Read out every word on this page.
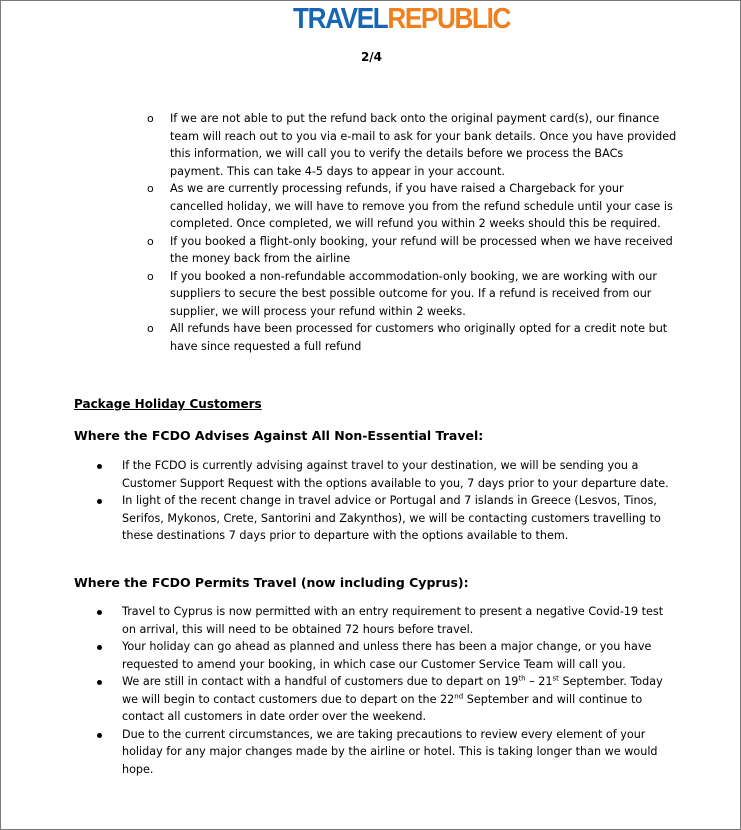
TRAVELREPUBLIC
2/4
o If we are not able to put the refund back onto the original payment card(s), our finance team will reach out to you via e-mail to ask for your bank details. Once you have provided this information, we will call you to verify the details before we process the BACs payment. This can take 4-5 days to appear in your account.
o As we are currently processing refunds, if you have raised a Chargeback for your cancelled holiday, we will have to remove you from the refund schedule until your case is completed. Once completed, we will refund you within 2 weeks should this be required.
o If you booked a flight-only booking, your refund will be processed when we have received the money back from the airline
o If you booked a non-refundable accommodation-only booking, we are working with our suppliers to secure the best possible outcome for you. If a refund is received from our supplier, we will process your refund within 2 weeks.
o All refunds have been processed for customers who originally opted for a credit note but have since requested a full refund
Package Holiday Customers
Where the FCDO Advises Against All Non-Essential Travel:
If the FCDO is currently advising against travel to your destination, we will be sending you a Customer Support Request with the options available to you, 7 days prior to your departure date.
In light of the recent change in travel advice or Portugal and 7 islands in Greece (Lesvos, Tinos, Serifos, Mykonos, Crete, Santorini and Zakynthos), we will be contacting customers travelling to these destinations 7 days prior to departure with the options available to them.
Where the FCDO Permits Travel (now including Cyprus):
Travel to Cyprus is now permitted with an entry requirement to present a negative Covid-19 test on arrival, this will need to be obtained 72 hours before travel.
Your holiday can go ahead as planned and unless there has been a major change, or you have requested to amend your booking, in which case our Customer Service Team will call you.
We are still in contact with a handful of customers due to depart on 19th – 21st September. Today we will begin to contact customers due to depart on the 22nd September and will continue to contact all customers in date order over the weekend.
Due to the current circumstances, we are taking precautions to review every element of your holiday for any major changes made by the airline or hotel. This is taking longer than we would hope.
